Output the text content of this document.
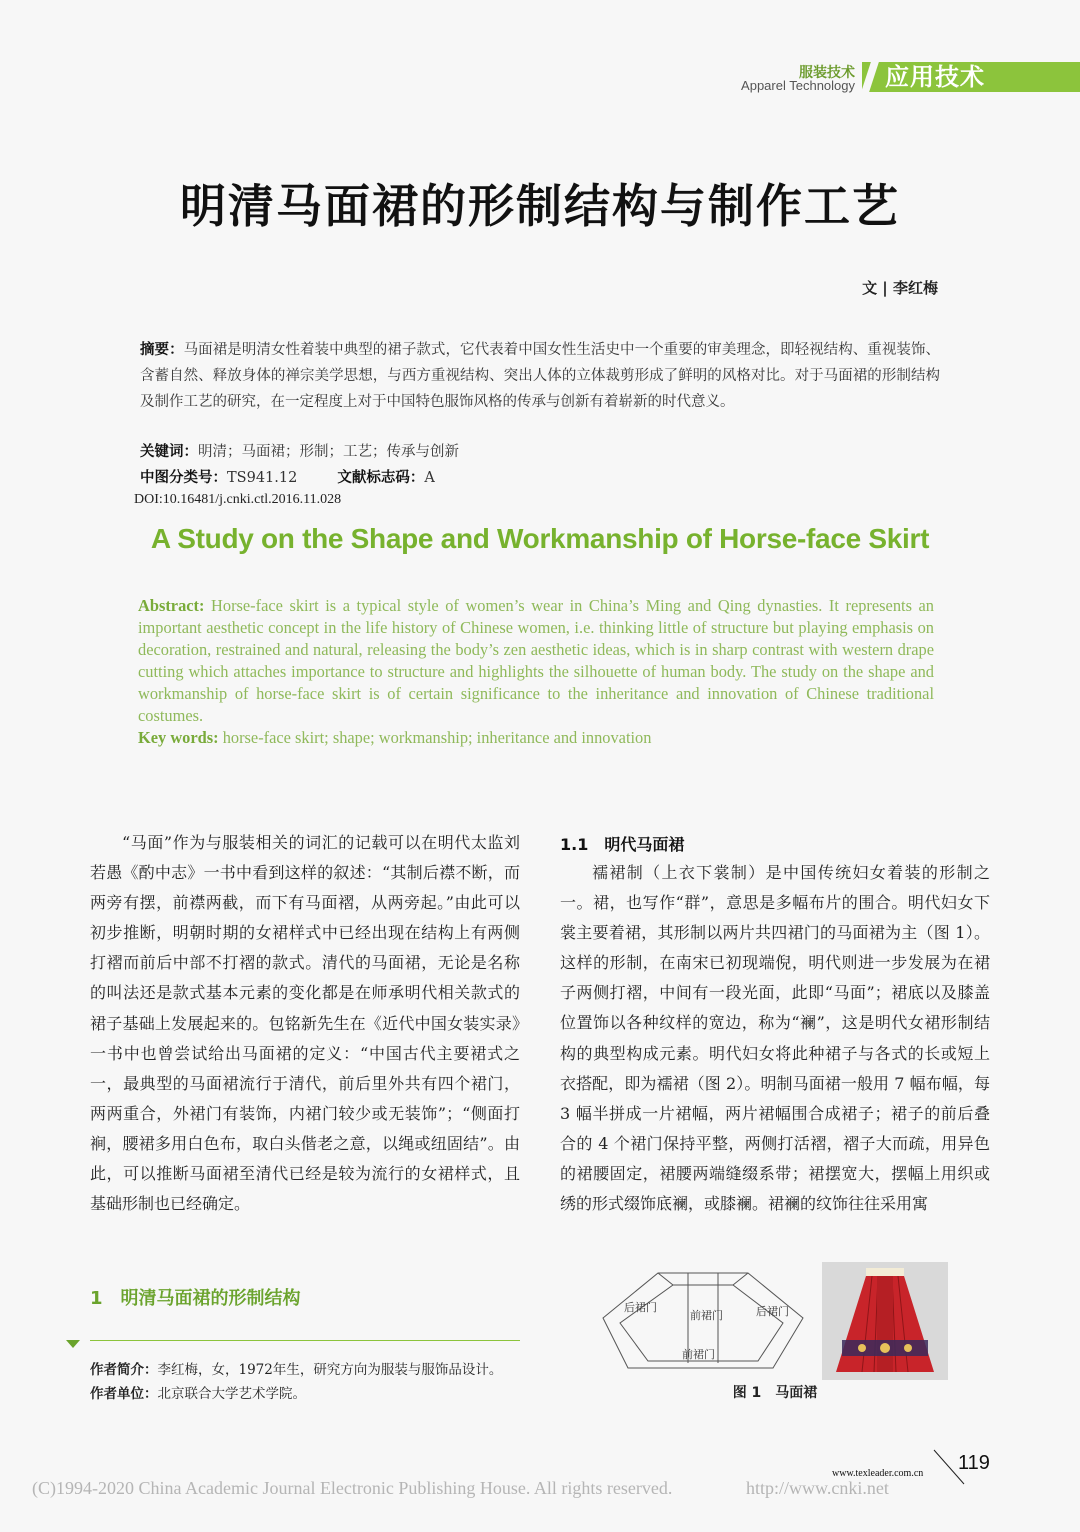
服装技术
Apparel Technology 应用技术
明清马面裙的形制结构与制作工艺
文 | 李红梅
摘要：马面裙是明清女性着装中典型的裙子款式，它代表着中国女性生活史中一个重要的审美理念，即轻视结构、重视装饰、含蓄自然、释放身体的禅宗美学思想，与西方重视结构、突出人体的立体裁剪形成了鲜明的风格对比。对于马面裙的形制结构及制作工艺的研究，在一定程度上对于中国特色服饰风格的传承与创新有着崭新的时代意义。
关键词：明清；马面裙；形制；工艺；传承与创新
中图分类号：TS941.12	文献标志码：A
DOI:10.16481/j.cnki.ctl.2016.11.028
A Study on the Shape and Workmanship of Horse-face Skirt
Abstract: Horse-face skirt is a typical style of women’s wear in China’s Ming and Qing dynasties. It represents an important aesthetic concept in the life history of Chinese women, i.e. thinking little of structure but playing emphasis on decoration, restrained and natural, releasing the body’s zen aesthetic ideas, which is in sharp contrast with western drape cutting which attaches importance to structure and highlights the silhouette of human body. The study on the shape and workmanship of horse-face skirt is of certain significance to the inheritance and innovation of Chinese traditional costumes.
Key words: horse-face skirt; shape; workmanship; inheritance and innovation

“马面”作为与服装相关的词汇的记载可以在明代太监刘若愚《酌中志》一书中看到这样的叙述：“其制后襟不断，而两旁有摆，前襟两截，而下有马面褶，从两旁起。”由此可以初步推断，明朝时期的女裙样式中已经出现在结构上有两侧打褶而前后中部不打褶的款式。清代的马面裙，无论是名称的叫法还是款式基本元素的变化都是在师承明代相关款式的裙子基础上发展起来的。包铭新先生在《近代中国女装实录》一书中也曾尝试给出马面裙的定义：“中国古代主要裙式之一，最典型的马面裙流行于清代，前后里外共有四个裙门，两两重合，外裙门有装饰，内裙门较少或无装饰”；“侧面打裥，腰裙多用白色布，取白头偕老之意，以绳或纽固结”。由此，可以推断马面裙至清代已经是较为流行的女裙样式，且基础形制也已经确定。

1　明清马面裙的形制结构
1.1　明代马面裙

襦裙制（上衣下裳制）是中国传统妇女着装的形制之一。裙，也写作“群”，意思是多幅布片的围合。明代妇女下裳主要着裙，其形制以两片共四裙门的马面裙为主（图 1）。这样的形制，在南宋已初现端倪，明代则进一步发展为在裙子两侧打褶，中间有一段光面，此即“马面”；裙底以及膝盖位置饰以各种纹样的宽边，称为“襕”，这是明代女裙形制结构的典型构成元素。明代妇女将此种裙子与各式的长或短上衣搭配，即为襦裙（图 2）。明制马面裙一般用 7 幅布幅，每 3 幅半拼成一片裙幅，两片裙幅围合成裙子；裙子的前后叠合的 4 个裙门保持平整，两侧打活褶，褶子大而疏，用异色的裙腰固定，裙腰两端缝缀系带；裙摆宽大，摆幅上用织或绣的形式缀饰底襕，或膝襕。裙襕的纹饰往往采用寓

作者简介：李红梅，女，1972年生，研究方向为服装与服饰品设计。
作者单位：北京联合大学艺术学院。
后裙门
前裙门	后裙门
前裙门
图 1　马面裙
www.texleader.com.cn 119
(C)1994-2020 China Academic Journal Electronic Publishing House. All rights reserved.	http://www.cnki.net
